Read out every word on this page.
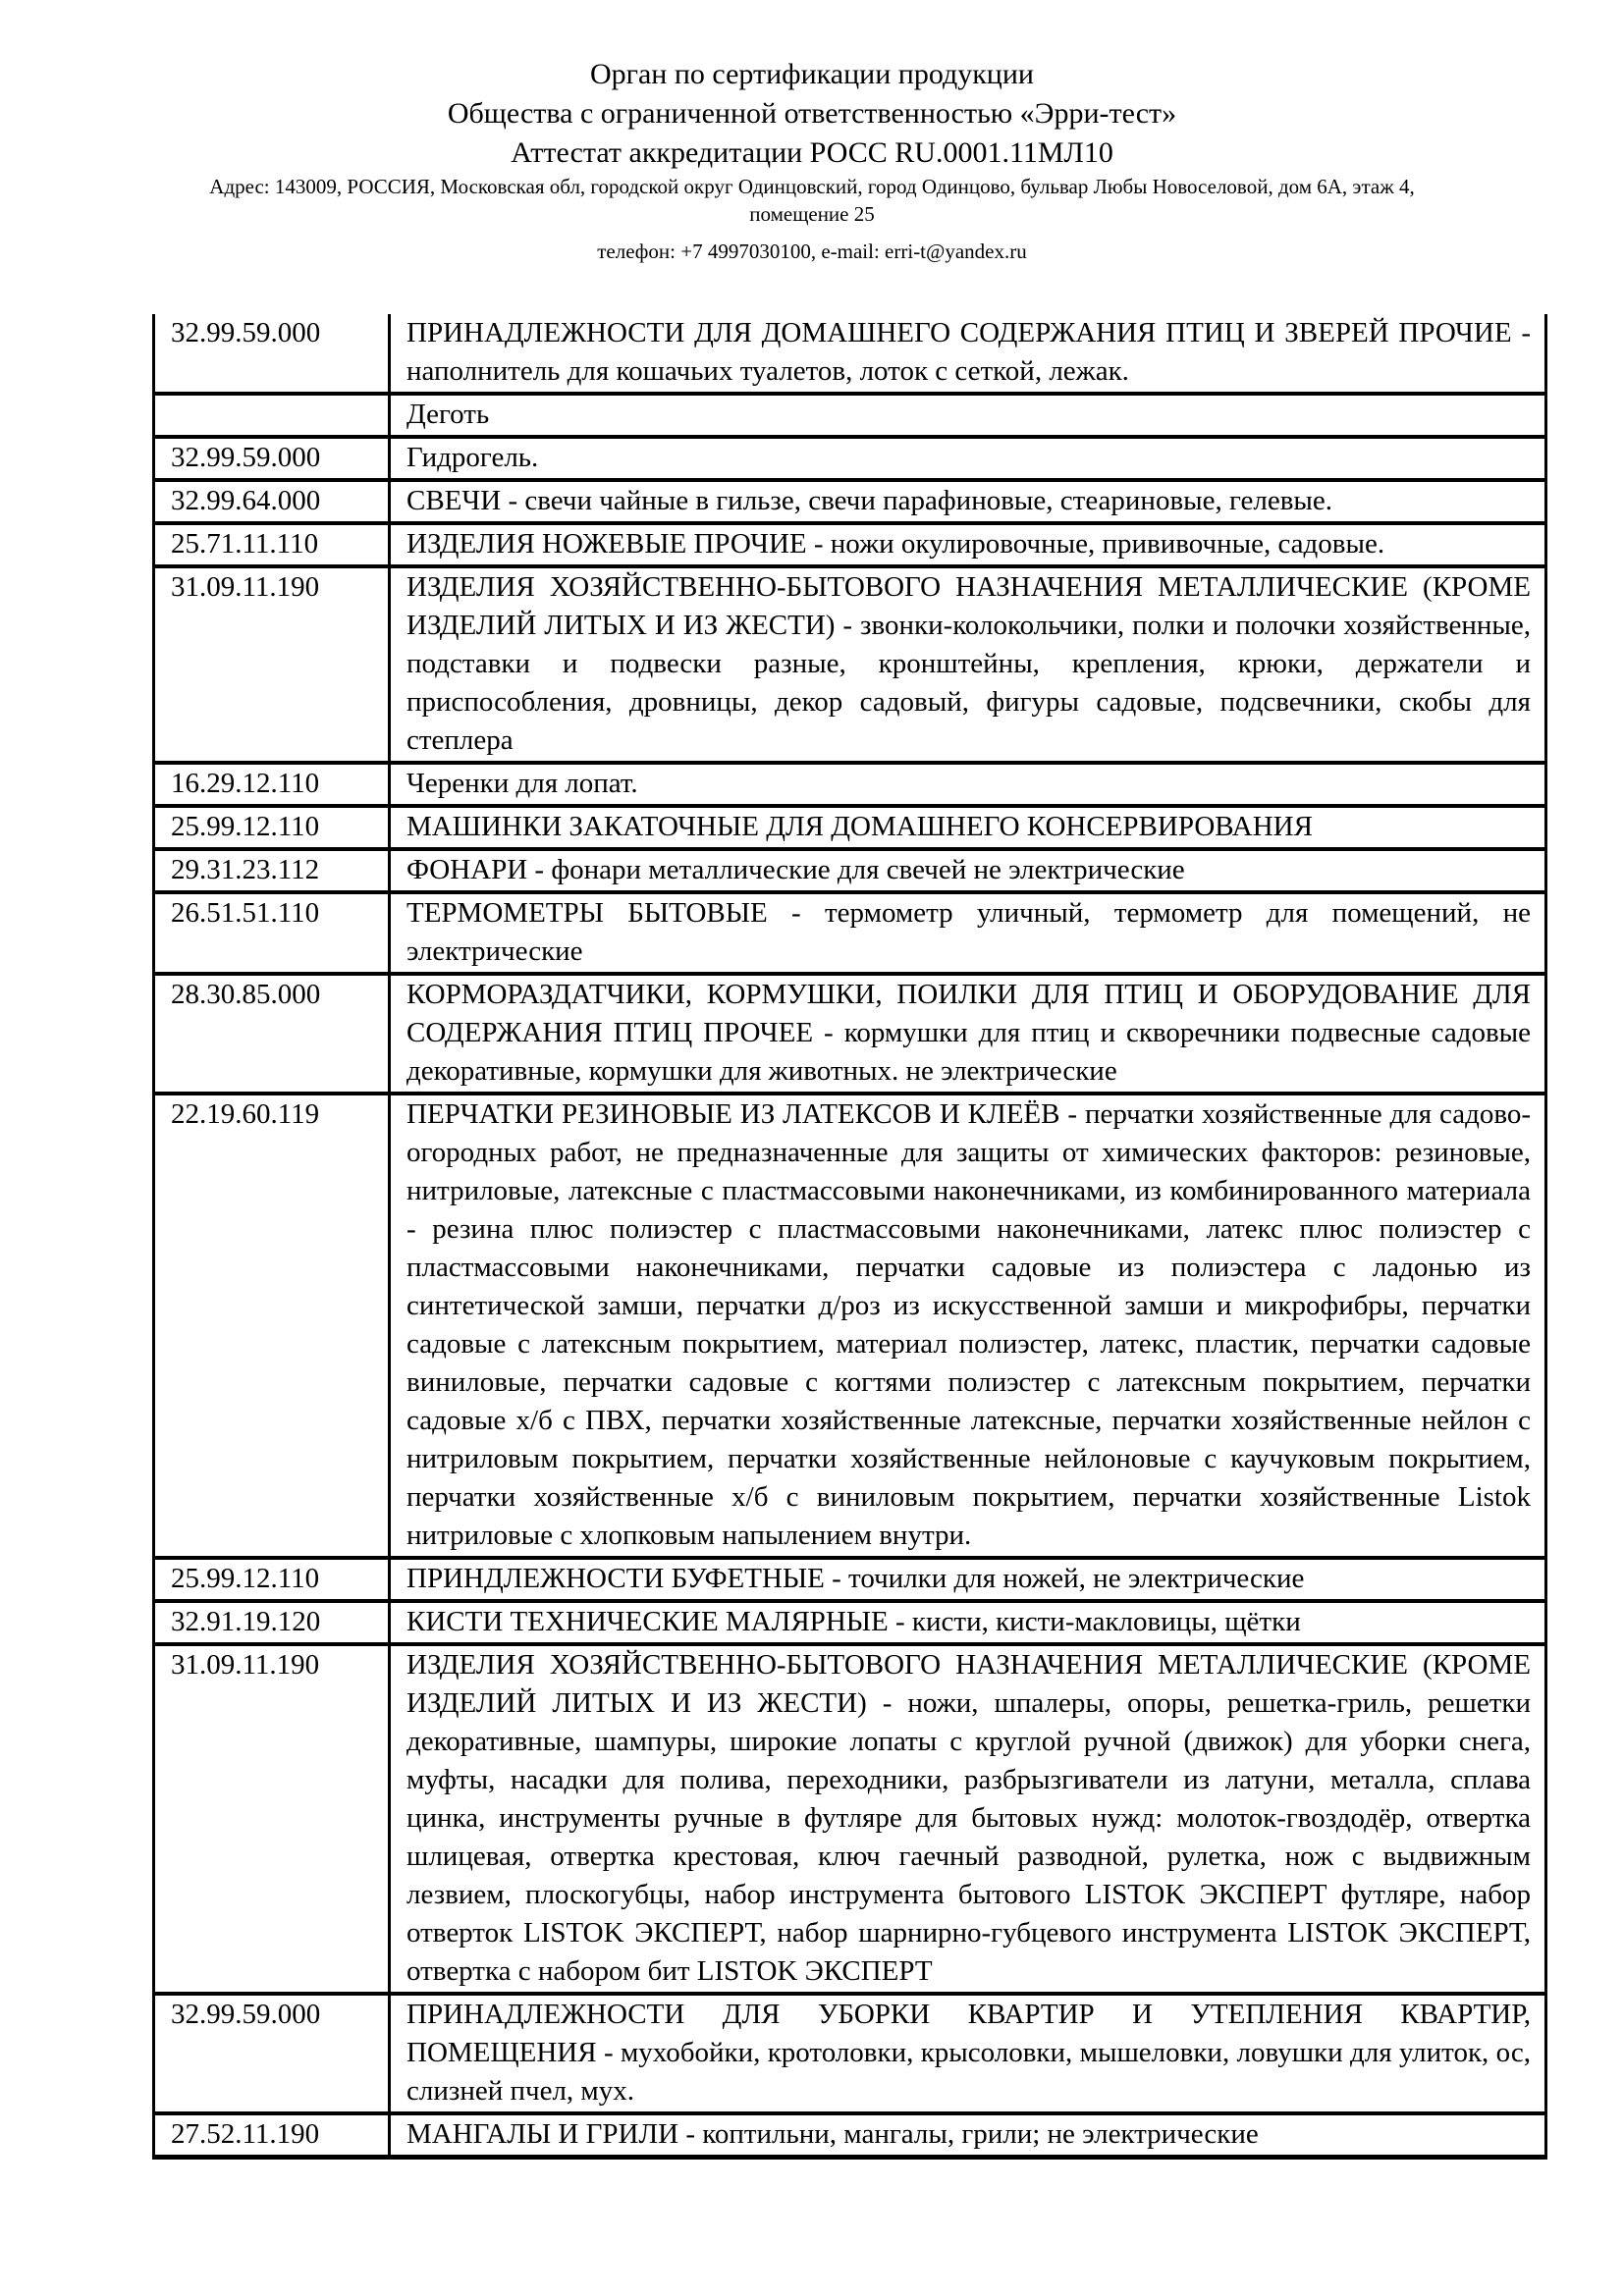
Орган по сертификации продукции
Общества с ограниченной ответственностью «Эрри-тест»
Аттестат аккредитации РОСС RU.0001.11МЛ10
Адрес: 143009, РОССИЯ, Московская обл, городской округ Одинцовский, город Одинцово, бульвар Любы Новоселовой, дом 6А, этаж 4, помещение 25
телефон: +7 4997030100, e-mail: erri-t@yandex.ru
32.99.59.000	ПРИНАДЛЕЖНОСТИ ДЛЯ ДОМАШНЕГО СОДЕРЖАНИЯ ПТИЦ И ЗВЕРЕЙ ПРОЧИЕ - наполнитель для кошачьих туалетов, лоток с сеткой, лежак.
	Деготь
32.99.59.000	Гидрогель.
32.99.64.000	СВЕЧИ - свечи чайные в гильзе, свечи парафиновые, стеариновые, гелевые.
25.71.11.110	ИЗДЕЛИЯ НОЖЕВЫЕ ПРОЧИЕ - ножи окулировочные, прививочные, садовые.
31.09.11.190	ИЗДЕЛИЯ ХОЗЯЙСТВЕННО-БЫТОВОГО НАЗНАЧЕНИЯ МЕТАЛЛИЧЕСКИЕ (КРОМЕ ИЗДЕЛИЙ ЛИТЫХ И ИЗ ЖЕСТИ) - звонки-колокольчики, полки и полочки хозяйственные, подставки и подвески разные, кронштейны, крепления, крюки, держатели и приспособления, дровницы, декор садовый, фигуры садовые, подсвечники, скобы для степлера
16.29.12.110	Черенки для лопат.
25.99.12.110	МАШИНКИ ЗАКАТОЧНЫЕ ДЛЯ ДОМАШНЕГО КОНСЕРВИРОВАНИЯ
29.31.23.112	ФОНАРИ - фонари металлические для свечей не электрические
26.51.51.110	ТЕРМОМЕТРЫ БЫТОВЫЕ - термометр уличный, термометр для помещений, не электрические
28.30.85.000	КОРМОРАЗДАТЧИКИ, КОРМУШКИ, ПОИЛКИ ДЛЯ ПТИЦ И ОБОРУДОВАНИЕ ДЛЯ СОДЕРЖАНИЯ ПТИЦ ПРОЧЕЕ - кормушки для птиц и скворечники подвесные садовые декоративные, кормушки для животных. не электрические
22.19.60.119	ПЕРЧАТКИ РЕЗИНОВЫЕ ИЗ ЛАТЕКСОВ И КЛЕЁВ - перчатки хозяйственные для садово-огородных работ, не предназначенные для защиты от химических факторов: резиновые, нитриловые, латексные с пластмассовыми наконечниками, из комбинированного материала - резина плюс полиэстер с пластмассовыми наконечниками, латекс плюс полиэстер с пластмассовыми наконечниками, перчатки садовые из полиэстера с ладонью из синтетической замши, перчатки д/роз из искусственной замши и микрофибры, перчатки садовые с латексным покрытием, материал полиэстер, латекс, пластик, перчатки садовые виниловые, перчатки садовые с когтями полиэстер с латексным покрытием, перчатки садовые х/б с ПВХ, перчатки хозяйственные латексные, перчатки хозяйственные нейлон с нитриловым покрытием, перчатки хозяйственные нейлоновые с каучуковым покрытием, перчатки хозяйственные х/б с виниловым покрытием, перчатки хозяйственные Listok нитриловые с хлопковым напылением внутри.
25.99.12.110	ПРИНДЛЕЖНОСТИ БУФЕТНЫЕ - точилки для ножей, не электрические
32.91.19.120	КИСТИ ТЕХНИЧЕСКИЕ МАЛЯРНЫЕ - кисти, кисти-макловицы, щётки
31.09.11.190	ИЗДЕЛИЯ ХОЗЯЙСТВЕННО-БЫТОВОГО НАЗНАЧЕНИЯ МЕТАЛЛИЧЕСКИЕ (КРОМЕ ИЗДЕЛИЙ ЛИТЫХ И ИЗ ЖЕСТИ) - ножи, шпалеры, опоры, решетка-гриль, решетки декоративные, шампуры, широкие лопаты с круглой ручной (движок) для уборки снега, муфты, насадки для полива, переходники, разбрызгиватели из латуни, металла, сплава цинка, инструменты ручные в футляре для бытовых нужд: молоток-гвоздодёр, отвертка шлицевая, отвертка крестовая, ключ гаечный разводной, рулетка, нож с выдвижным лезвием, плоскогубцы, набор инструмента бытового LISTOK ЭКСПЕРТ футляре, набор отверток LISTOK ЭКСПЕРТ, набор шарнирно-губцевого инструмента LISTOK ЭКСПЕРТ, отвертка с набором бит LISTOK ЭКСПЕРТ
32.99.59.000	ПРИНАДЛЕЖНОСТИ ДЛЯ УБОРКИ КВАРТИР И УТЕПЛЕНИЯ КВАРТИР, ПОМЕЩЕНИЯ - мухобойки, кротоловки, крысоловки, мышеловки, ловушки для улиток, ос, слизней пчел, мух.
27.52.11.190	МАНГАЛЫ И ГРИЛИ - коптильни, мангалы, грили; не электрические
